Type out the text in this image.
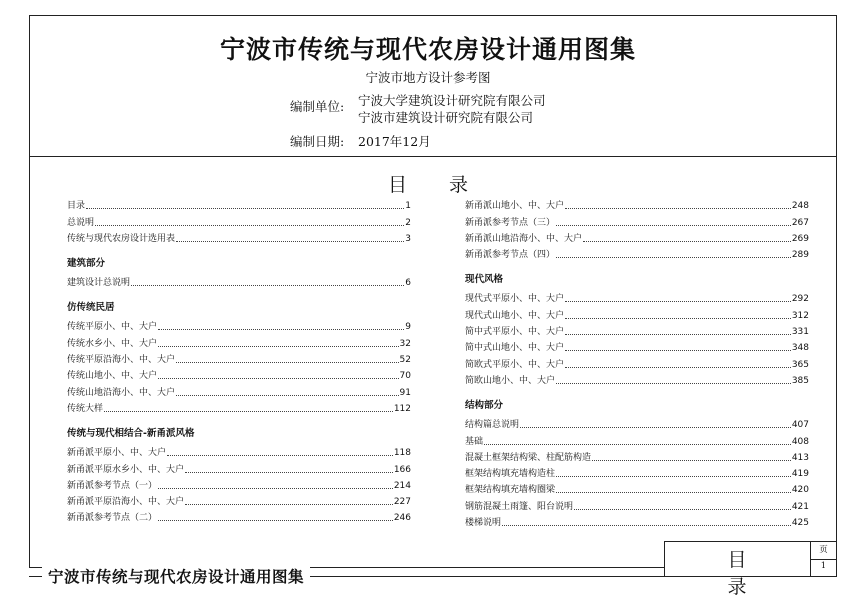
宁波市传统与现代农房设计通用图集
宁波市地方设计参考图
编制单位: 宁波大学建筑设计研究院有限公司
宁波市建筑设计研究院有限公司
编制日期: 2017年12月
目录
目录	1
总说明	2
传统与现代农房设计选用表	3
建筑部分
建筑设计总说明	6
仿传统民居
传统平原小、中、大户	9
传统水乡小、中、大户	32
传统平原沿海小、中、大户	52
传统山地小、中、大户	70
传统山地沿海小、中、大户	91
传统大样	112
传统与现代相结合-新甬派风格
新甬派平原小、中、大户	118
新甬派平原水乡小、中、大户	166
新甬派参考节点（一）	214
新甬派平原沿海小、中、大户	227
新甬派参考节点（二）	246
新甬派山地小、中、大户	248
新甬派参考节点（三）	267
新甬派山地沿海小、中、大户	269
新甬派参考节点（四）	289
现代风格
现代式平原小、中、大户	292
现代式山地小、中、大户	312
简中式平原小、中、大户	331
简中式山地小、中、大户	348
简欧式平原小、中、大户	365
简欧山地小、中、大户	385
结构部分
结构篇总说明	407
基础	408
混凝土框架结构梁、柱配筋构造	413
框架结构填充墙构造柱	419
框架结构填充墙构圈梁	420
钢筋混凝土雨篷、阳台说明	421
楼梯说明	425
宁波市传统与现代农房设计通用图集
目录
页
1
